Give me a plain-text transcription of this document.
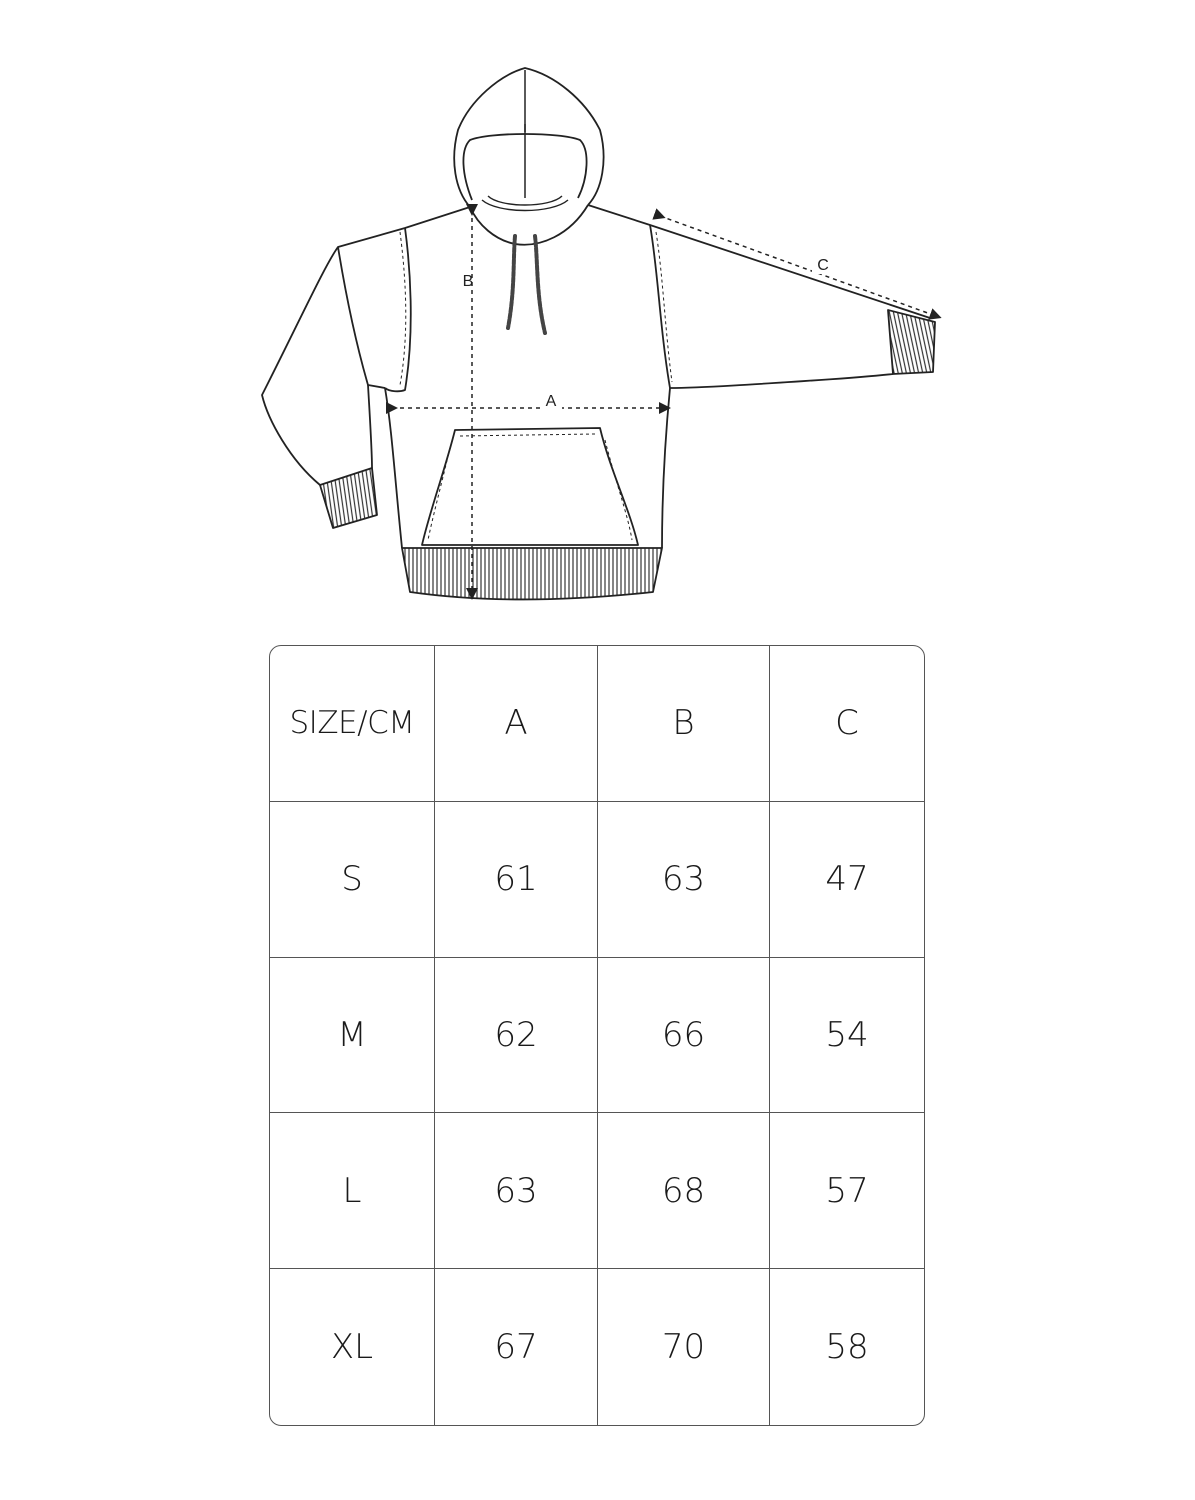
A
B
C
SIZE/CM	A	B	C
S	61	63	47
M	62	66	54
L	63	68	57
XL	67	70	58
